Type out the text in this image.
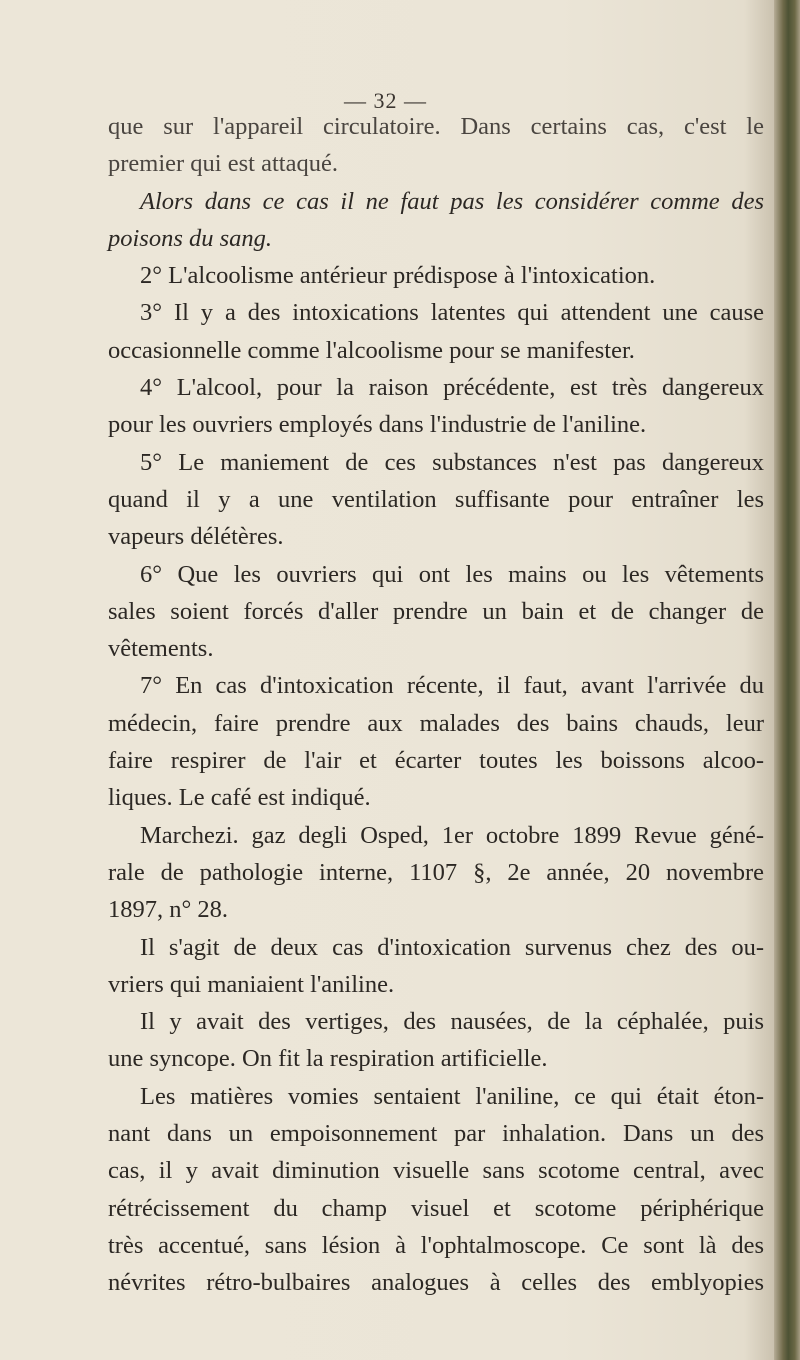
— 32 —
que sur l'appareil circulatoire. Dans certains cas, c'est le
premier qui est attaqué.
Alors dans ce cas il ne faut pas les considérer comme des
poisons du sang.
2° L'alcoolisme antérieur prédispose à l'intoxication.
3° Il y a des intoxications latentes qui attendent une cause
occasionnelle comme l'alcoolisme pour se manifester.
4° L'alcool, pour la raison précédente, est très dangereux
pour les ouvriers employés dans l'industrie de l'aniline.
5° Le maniement de ces substances n'est pas dangereux
quand il y a une ventilation suffisante pour entraîner les
vapeurs délétères.
6° Que les ouvriers qui ont les mains ou les vêtements
sales soient forcés d'aller prendre un bain et de changer de
vêtements.
7° En cas d'intoxication récente, il faut, avant l'arrivée du
médecin, faire prendre aux malades des bains chauds, leur
faire respirer de l'air et écarter toutes les boissons alcoo-
liques. Le café est indiqué.
Marchezi. gaz degli Osped, 1er octobre 1899 Revue géné-
rale de pathologie interne, 1107 §, 2e année, 20 novembre
1897, n° 28.
Il s'agit de deux cas d'intoxication survenus chez des ou-
vriers qui maniaient l'aniline.
Il y avait des vertiges, des nausées, de la céphalée, puis
une syncope. On fit la respiration artificielle.
Les matières vomies sentaient l'aniline, ce qui était éton-
nant dans un empoisonnement par inhalation. Dans un des
cas, il y avait diminution visuelle sans scotome central, avec
rétrécissement du champ visuel et scotome périphérique
très accentué, sans lésion à l'ophtalmoscope. Ce sont là des
névrites rétro-bulbaires analogues à celles des emblyopies
